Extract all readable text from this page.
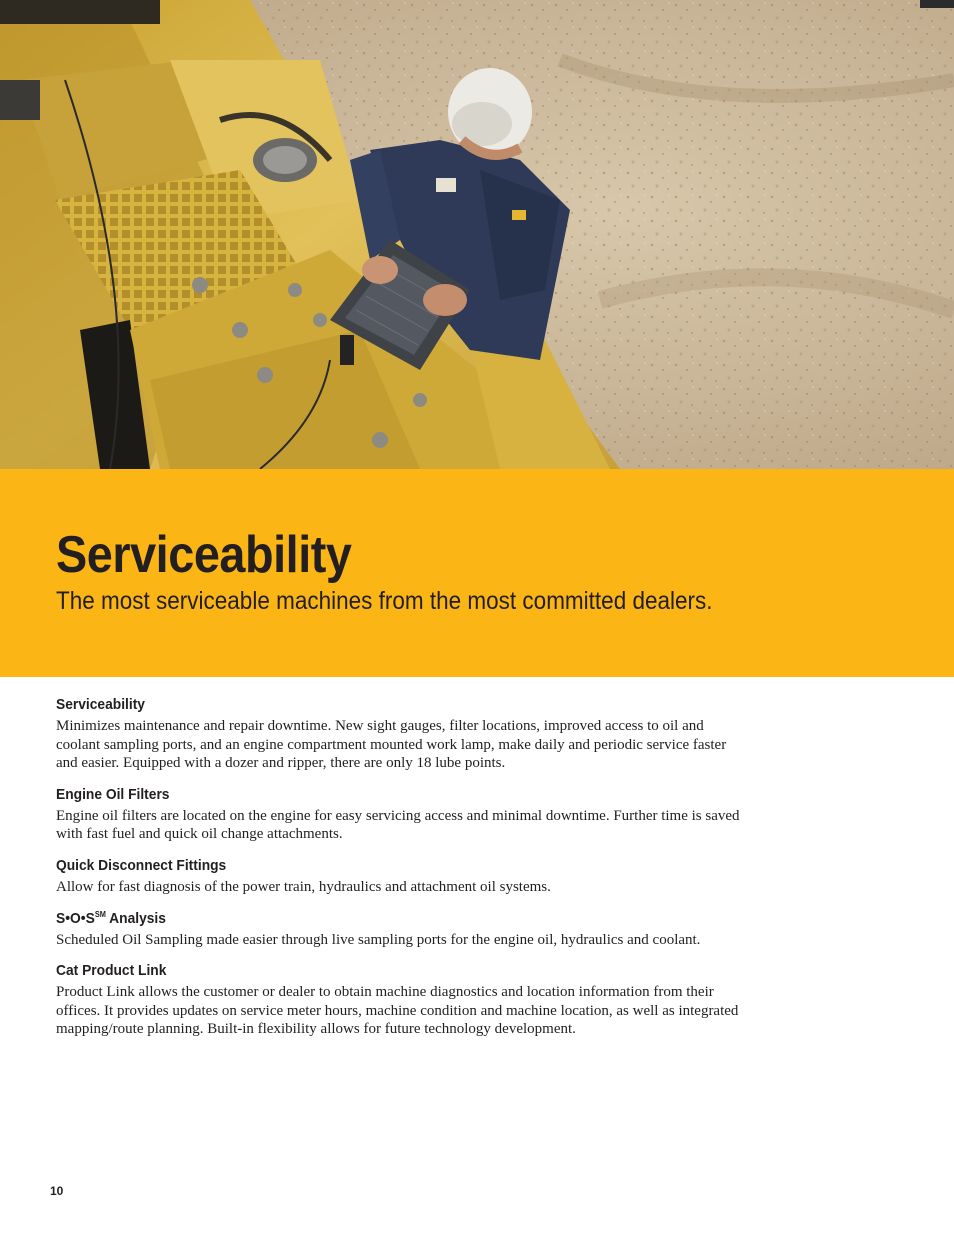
Serviceability

The most serviceable machines from the most committed dealers.

Serviceability

Minimizes maintenance and repair downtime. New sight gauges, filter locations, improved access to oil and coolant sampling ports, and an engine compartment mounted work lamp, make daily and periodic service faster and easier. Equipped with a dozer and ripper, there are only 18 lube points.

Engine Oil Filters

Engine oil filters are located on the engine for easy servicing access and minimal downtime. Further time is saved with fast fuel and quick oil change attachments.

Quick Disconnect Fittings

Allow for fast diagnosis of the power train, hydraulics and attachment oil systems.

S•O•S℠ Analysis

Scheduled Oil Sampling made easier through live sampling ports for the engine oil, hydraulics and coolant.

Cat Product Link

Product Link allows the customer or dealer to obtain machine diagnostics and location information from their offices. It provides updates on service meter hours, machine condition and machine location, as well as integrated mapping/route planning. Built-in flexibility allows for future technology development.

10
